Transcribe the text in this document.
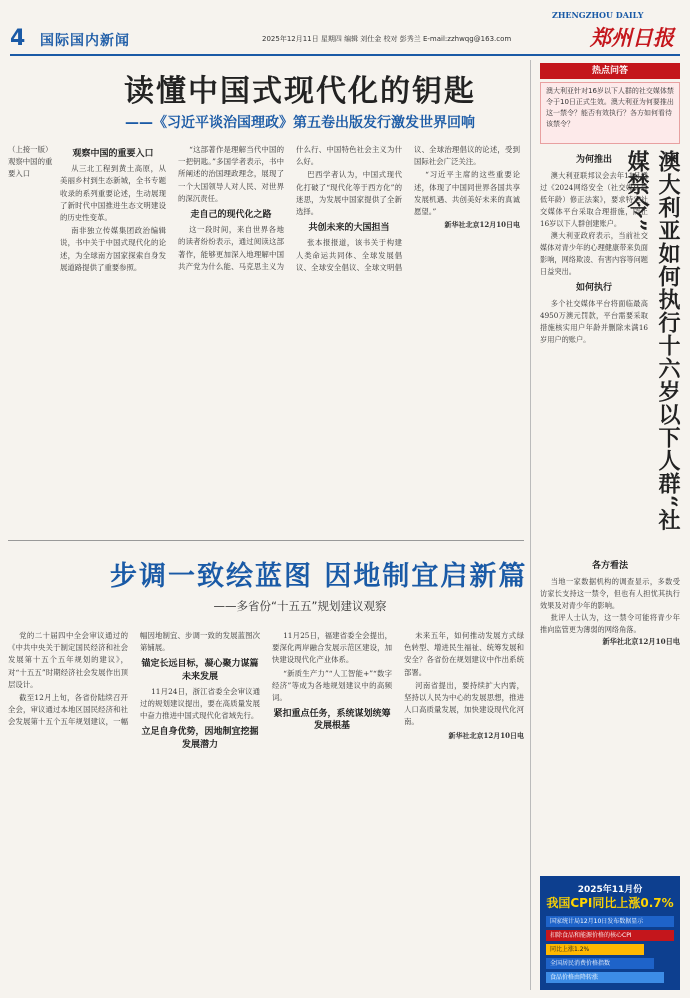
4 国际国内新闻	2025年12月11日 星期四 编辑 刘仕金 校对 彭秀兰 E-mail:zzhwqg@163.com
ZHENGZHOU DAILY
郑州日报
读懂中国式现代化的钥匙
——《习近平谈治国理政》第五卷出版发行激发世界回响

（上接一版）观察中国的重要入口

观察中国的重要入口

从三北工程到黄土高原，从美丽乡村到生态新城，全书专题收录的系列重要论述，生动展现了新时代中国推进生态文明建设的历史性变革。

南非独立传媒集团政治编辑说，书中关于中国式现代化的论述，为全球南方国家探索自身发展道路提供了重要参照。

“这部著作是理解当代中国的一把钥匙。”多国学者表示，书中所阐述的治国理政理念，展现了一个大国领导人对人民、对世界的深沉责任。

走自己的现代化之路

这一段时间，来自世界各地的读者纷纷表示，通过阅读这部著作，能够更加深入地理解中国共产党为什么能、马克思主义为什么行、中国特色社会主义为什么好。

巴西学者认为，中国式现代化打破了“现代化等于西方化”的迷思，为发展中国家提供了全新选择。

共创未来的大国担当

张本报报道，该书关于构建人类命运共同体、全球发展倡议、全球安全倡议、全球文明倡议、全球治理倡议的论述，受到国际社会广泛关注。

“习近平主席的这些重要论述，体现了中国同世界各国共享发展机遇、共创美好未来的真诚愿望。”

新华社北京12月10日电

步调一致绘蓝图 因地制宜启新篇
——多省份“十五五”规划建议观察

党的二十届四中全会审议通过的《中共中央关于制定国民经济和社会发展第十五个五年规划的建议》，对“十五五”时期经济社会发展作出顶层设计。

截至12月上旬，各省份陆续召开全会，审议通过本地区国民经济和社会发展第十五个五年规划建议，一幅幅因地制宜、步调一致的发展蓝图次第铺展。

锚定长远目标，凝心聚力谋篇未来发展

11月24日，浙江省委全会审议通过的规划建议提出，要在高质量发展中奋力推进中国式现代化省域先行。

立足自身优势，因地制宜挖掘发展潜力

11月25日，福建省委全会提出，要深化两岸融合发展示范区建设，加快建设现代化产业体系。

“新质生产力”“人工智能+”“数字经济”等成为各地规划建议中的高频词。

紧扣重点任务，系统谋划统筹发展根基

未来五年，如何推动发展方式绿色转型、增进民生福祉、统筹发展和安全？各省份在规划建议中作出系统部署。

河南省提出，要持续扩大内需，坚持以人民为中心的发展思想，推进人口高质量发展，加快建设现代化河南。

新华社北京12月10日电

热点问答
澳大利亚针对16岁以下人群的社交媒体禁令于10日正式生效。澳大利亚为何要推出这一禁令？能否有效执行？各方如何看待该禁令？
澳大利亚如何执行十六岁以下人群“社媒禁令”
为何推出

澳大利亚联邦议会去年11月通过《2024网络安全（社交媒体最低年龄）修正法案》，要求特定社交媒体平台采取合理措施，防止16岁以下人群创建账户。

澳大利亚政府表示，当前社交媒体对青少年的心理健康带来负面影响，网络欺凌、有害内容等问题日益突出。

如何执行

多个社交媒体平台将面临最高4950万澳元罚款，平台需要采取措施核实用户年龄并删除未满16岁用户的账户。

各方看法

当地一家数据机构的调查显示，多数受访家长支持这一禁令，但也有人担忧其执行效果及对青少年的影响。

批评人士认为，这一禁令可能将青少年推向监管更为薄弱的网络角落。

新华社北京12月10日电

2025年11月份
我国CPI同比上涨0.7%
国家统计局12月10日发布数据显示
扣除食品和能源价格的核心CPI
同比上涨1.2%
全国居民消费价格指数
食品价格由降转涨
